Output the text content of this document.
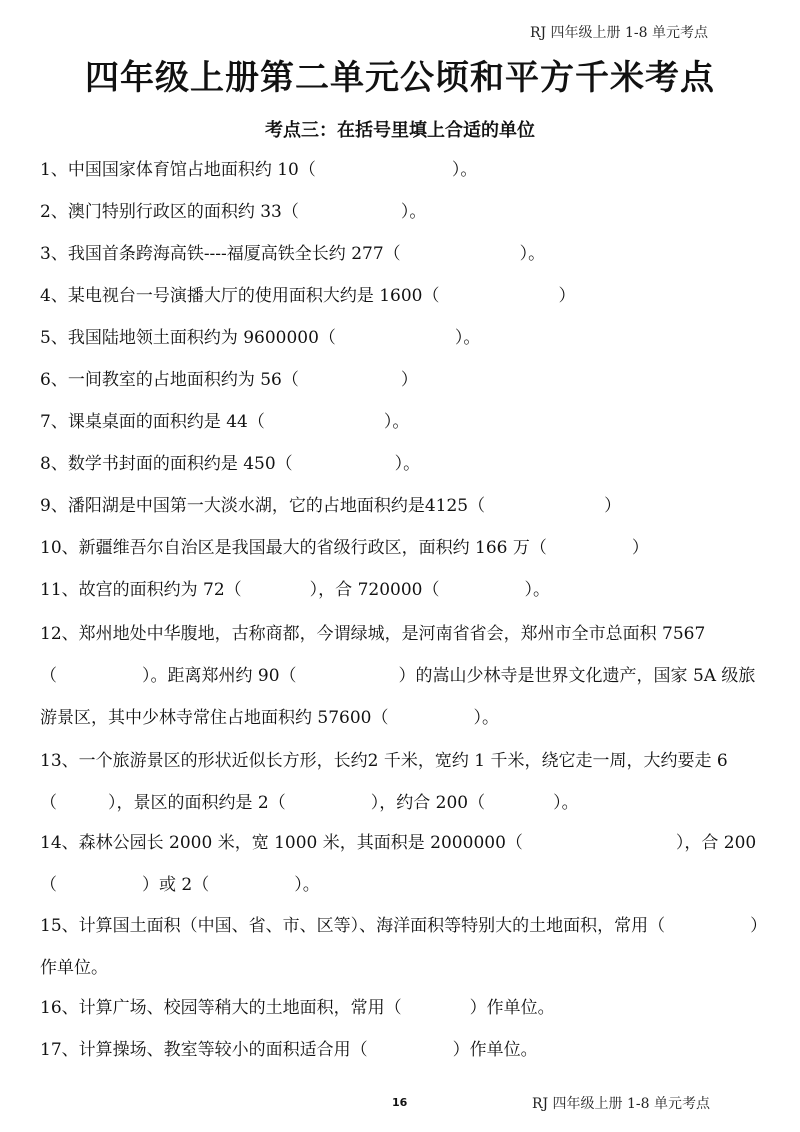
RJ 四年级上册 1-8 单元考点
四年级上册第二单元公顷和平方千米考点
考点三：在括号里填上合适的单位
1、中国国家体育馆占地面积约 10（　　　　　　　　）。
2、澳门特别行政区的面积约 33（　　　　　　）。
3、我国首条跨海高铁----福厦高铁全长约 277（　　　　　　　）。
4、某电视台一号演播大厅的使用面积大约是 1600（　　　　　　　）
5、我国陆地领土面积约为 9600000（　　　　　　　）。
6、一间教室的占地面积约为 56（　　　　　　）
7、课桌桌面的面积约是 44（　　　　　　　）。
8、数学书封面的面积约是 450（　　　　　　）。
9、潘阳湖是中国第一大淡水湖，它的占地面积约是4125（　　　　　　　）
10、新疆维吾尔自治区是我国最大的省级行政区，面积约 166 万（　　　　　）
11、故宫的面积约为 72（　　　　），合 720000（　　　　　）。
12、郑州地处中华腹地，古称商都，今谓绿城，是河南省省会，郑州市全市总面积 7567（　　　　　）。距离郑州约 90（　　　　　　）的嵩山少林寺是世界文化遗产，国家 5A 级旅游景区，其中少林寺常住占地面积约 57600（　　　　　）。
13、一个旅游景区的形状近似长方形，长约2 千米，宽约 1 千米，绕它走一周，大约要走 6（　　　），景区的面积约是 2（　　　　　），约合 200（　　　　）。
14、森林公园长 2000 米，宽 1000 米，其面积是 2000000（　　　　　　　　　），合 200（　　　　　）或 2（　　　　　）。
15、计算国土面积（中国、省、市、区等）、海洋面积等特别大的土地面积，常用（　　　　　）作单位。
16、计算广场、校园等稍大的土地面积，常用（　　　　）作单位。
17、计算操场、教室等较小的面积适合用（　　　　　）作单位。
16	RJ 四年级上册 1-8 单元考点
